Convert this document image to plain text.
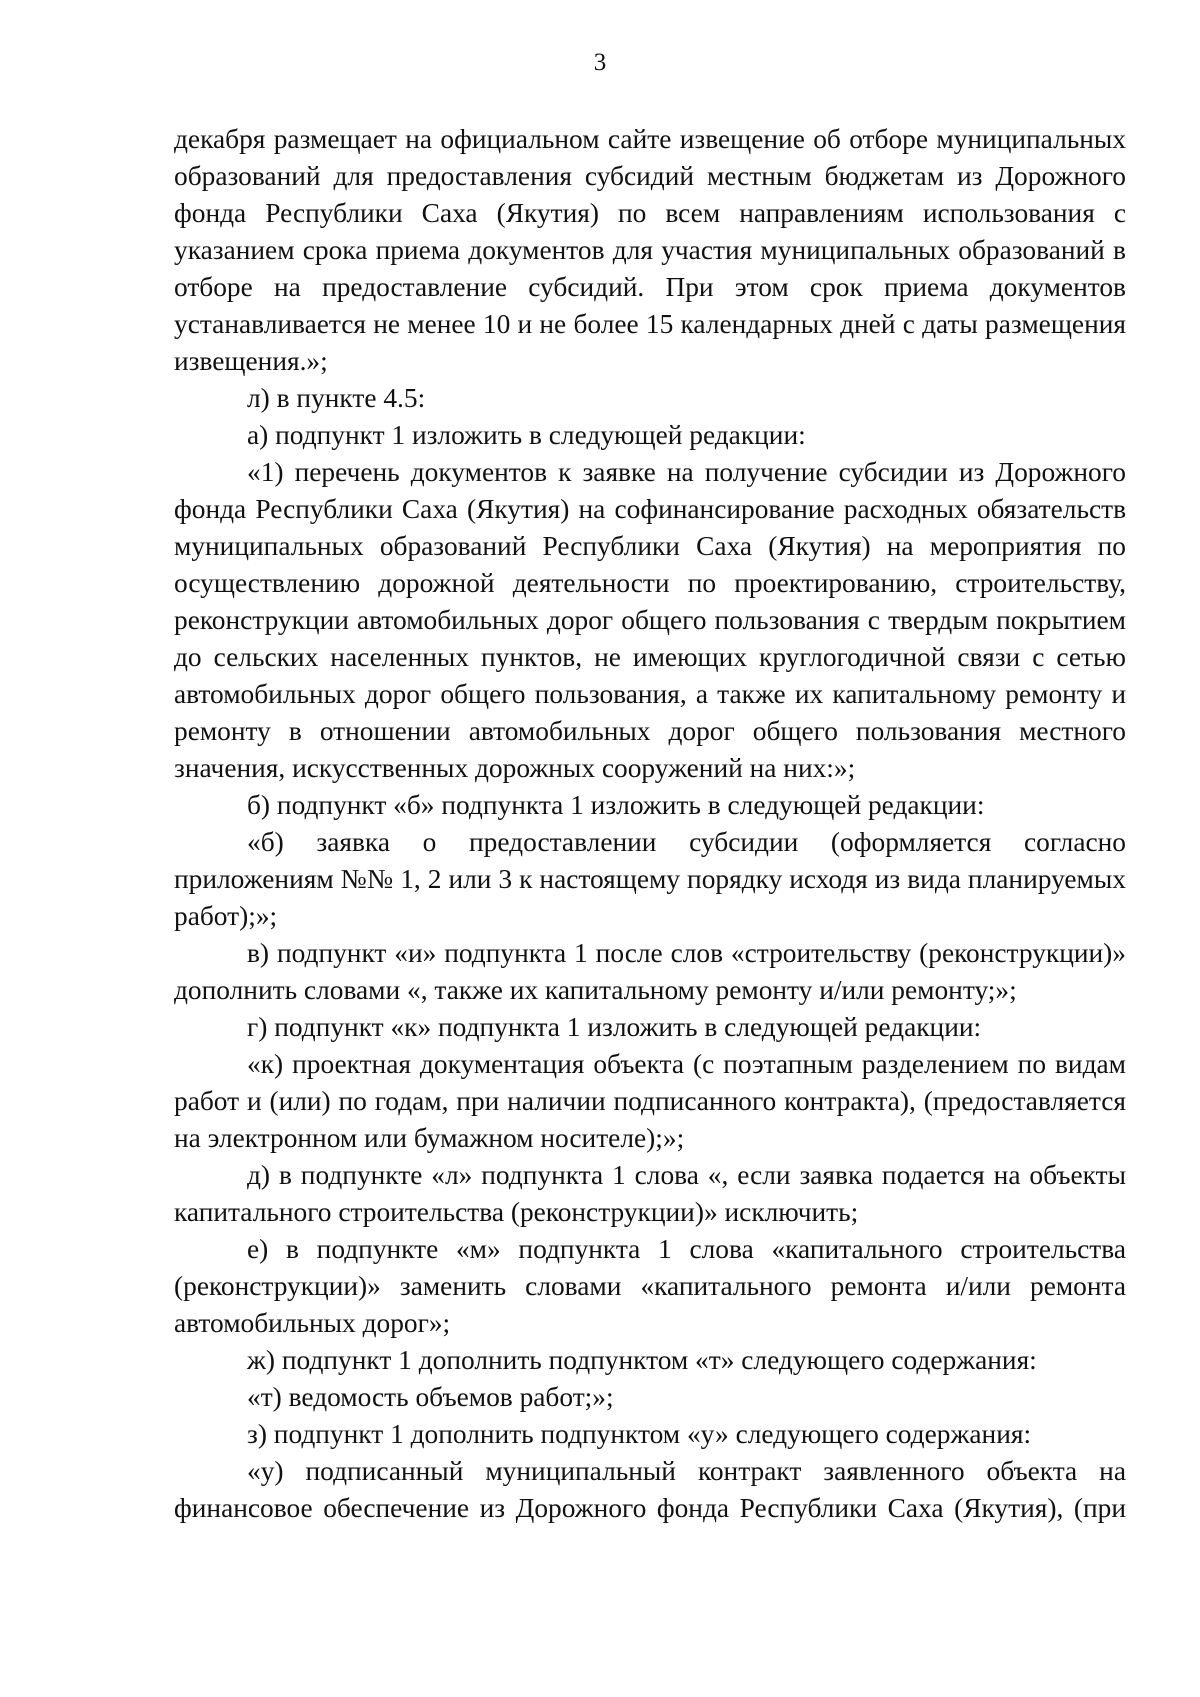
3

декабря размещает на официальном сайте извещение об отборе муниципальных образований для предоставления субсидий местным бюджетам из Дорожного фонда Республики Саха (Якутия) по всем направлениям использования с указанием срока приема документов для участия муниципальных образований в отборе на предоставление субсидий. При этом срок приема документов устанавливается не менее 10 и не более 15 календарных дней с даты размещения извещения.»;

л) в пункте 4.5:

а) подпункт 1 изложить в следующей редакции:

«1) перечень документов к заявке на получение субсидии из Дорожного фонда Республики Саха (Якутия) на софинансирование расходных обязательств муниципальных образований Республики Саха (Якутия) на мероприятия по осуществлению дорожной деятельности по проектированию, строительству, реконструкции автомобильных дорог общего пользования с твердым покрытием до сельских населенных пунктов, не имеющих круглогодичной связи с сетью автомобильных дорог общего пользования, а также их капитальному ремонту и ремонту в отношении автомобильных дорог общего пользования местного значения, искусственных дорожных сооружений на них:»;

б) подпункт «б» подпункта 1 изложить в следующей редакции:

«б) заявка о предоставлении субсидии (оформляется согласно приложениям №№ 1, 2 или 3 к настоящему порядку исходя из вида планируемых работ);»;

в) подпункт «и» подпункта 1 после слов «строительству (реконструкции)» дополнить словами «, также их капитальному ремонту и/или ремонту;»;

г) подпункт «к» подпункта 1 изложить в следующей редакции:

«к) проектная документация объекта (с поэтапным разделением по видам работ и (или) по годам, при наличии подписанного контракта), (предоставляется на электронном или бумажном носителе);»;

д) в подпункте «л» подпункта 1 слова «, если заявка подается на объекты капитального строительства (реконструкции)» исключить;

е) в подпункте «м» подпункта 1 слова «капитального строительства (реконструкции)» заменить словами «капитального ремонта и/или ремонта автомобильных дорог»;

ж) подпункт 1 дополнить подпунктом «т» следующего содержания:

«т) ведомость объемов работ;»;

з) подпункт 1 дополнить подпунктом «у» следующего содержания:

«у) подписанный муниципальный контракт заявленного объекта на финансовое обеспечение из Дорожного фонда Республики Саха (Якутия), (при
